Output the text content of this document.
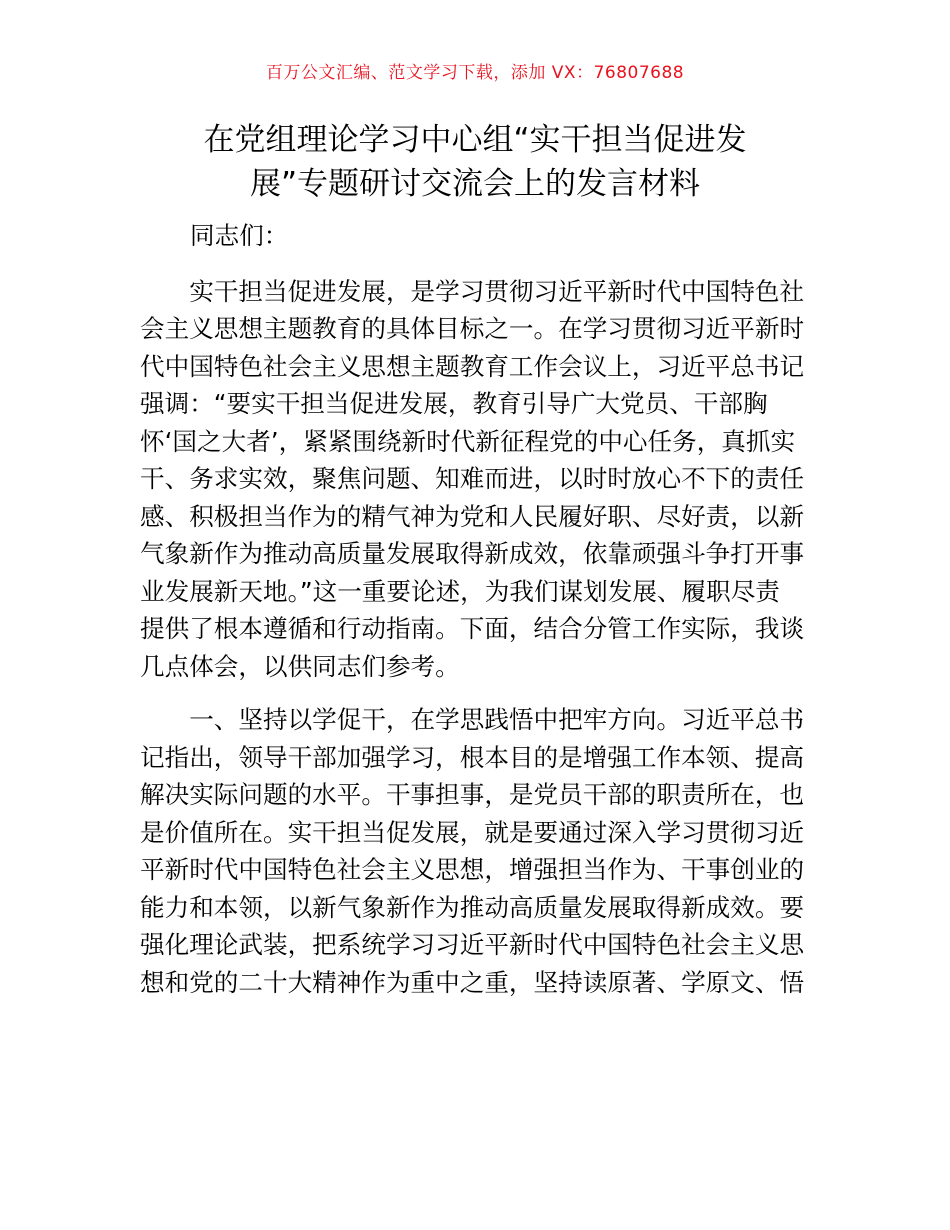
百万公文汇编、范文学习下载，添加 VX：76807688
在党组理论学习中心组“实干担当促进发
展”专题研讨交流会上的发言材料
同志们：
　　实干担当促进发展，是学习贯彻习近平新时代中国特色社
会主义思想主题教育的具体目标之一。在学习贯彻习近平新时
代中国特色社会主义思想主题教育工作会议上，习近平总书记
强调：“要实干担当促进发展，教育引导广大党员、干部胸
怀‘国之大者’，紧紧围绕新时代新征程党的中心任务，真抓实
干、务求实效，聚焦问题、知难而进，以时时放心不下的责任
感、积极担当作为的精气神为党和人民履好职、尽好责，以新
气象新作为推动高质量发展取得新成效，依靠顽强斗争打开事
业发展新天地。”这一重要论述，为我们谋划发展、履职尽责
提供了根本遵循和行动指南。下面，结合分管工作实际，我谈
几点体会，以供同志们参考。
　　一、坚持以学促干，在学思践悟中把牢方向。习近平总书
记指出，领导干部加强学习，根本目的是增强工作本领、提高
解决实际问题的水平。干事担事，是党员干部的职责所在，也
是价值所在。实干担当促发展，就是要通过深入学习贯彻习近
平新时代中国特色社会主义思想，增强担当作为、干事创业的
能力和本领，以新气象新作为推动高质量发展取得新成效。要
强化理论武装，把系统学习习近平新时代中国特色社会主义思
想和党的二十大精神作为重中之重，坚持读原著、学原文、悟
